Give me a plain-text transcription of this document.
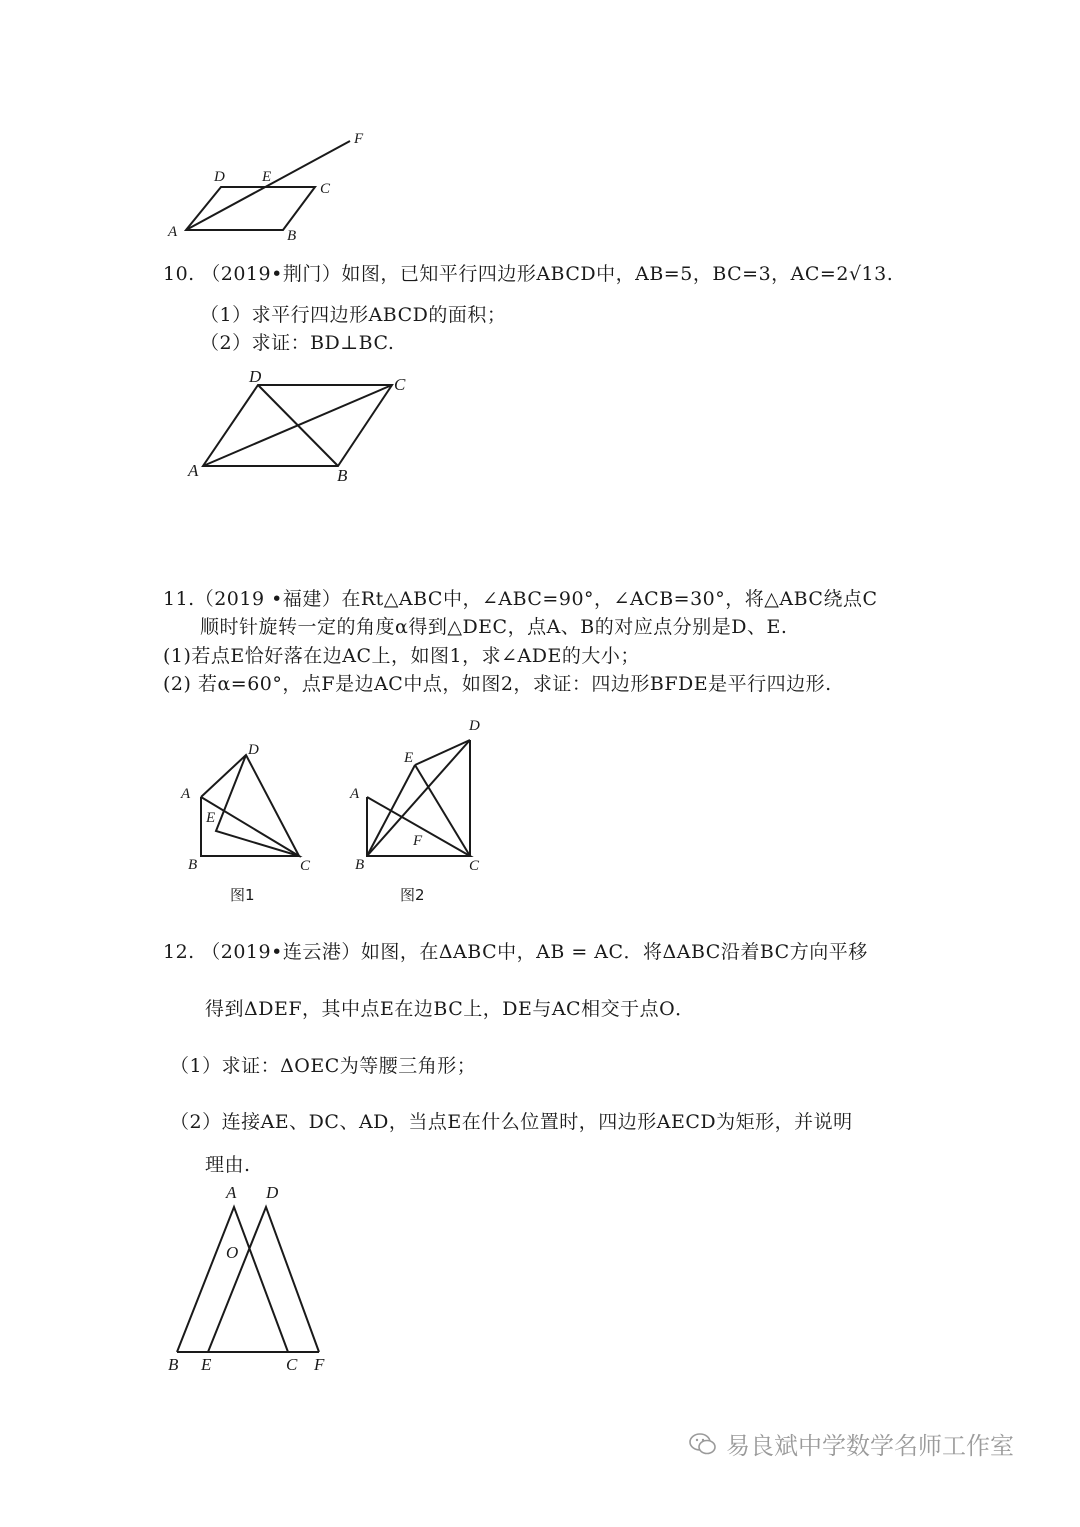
A	B
C
D E
F
A	B
C
D
A
B	C
D
E
图1
A
B	C
D
E
F
图2
A
B	C
D
E	F
O
10. （2019•荆门）如图，已知平行四边形ABCD中，AB=5，BC=3，AC=2√13.
（1）求平行四边形ABCD的面积；
（2）求证：BD⊥BC.
11.（2019 •福建）在Rt△ABC中，∠ABC=90°，∠ACB=30°，将△ABC绕点C
顺时针旋转一定的角度α得到△DEC，点A、B的对应点分别是D、E.
(1)若点E恰好落在边AC上，如图1，求∠ADE的大小；
(2) 若α=60°，点F是边AC中点，如图2，求证：四边形BFDE是平行四边形.
12. （2019•连云港）如图，在ΔABC中，AB = AC．将ΔABC沿着BC方向平移
得到ΔDEF，其中点E在边BC上，DE与AC相交于点O．
（1）求证：ΔOEC为等腰三角形；
（2）连接AE、DC、AD，当点E在什么位置时，四边形AECD为矩形，并说明
理由.
易良斌中学数学名师工作室
